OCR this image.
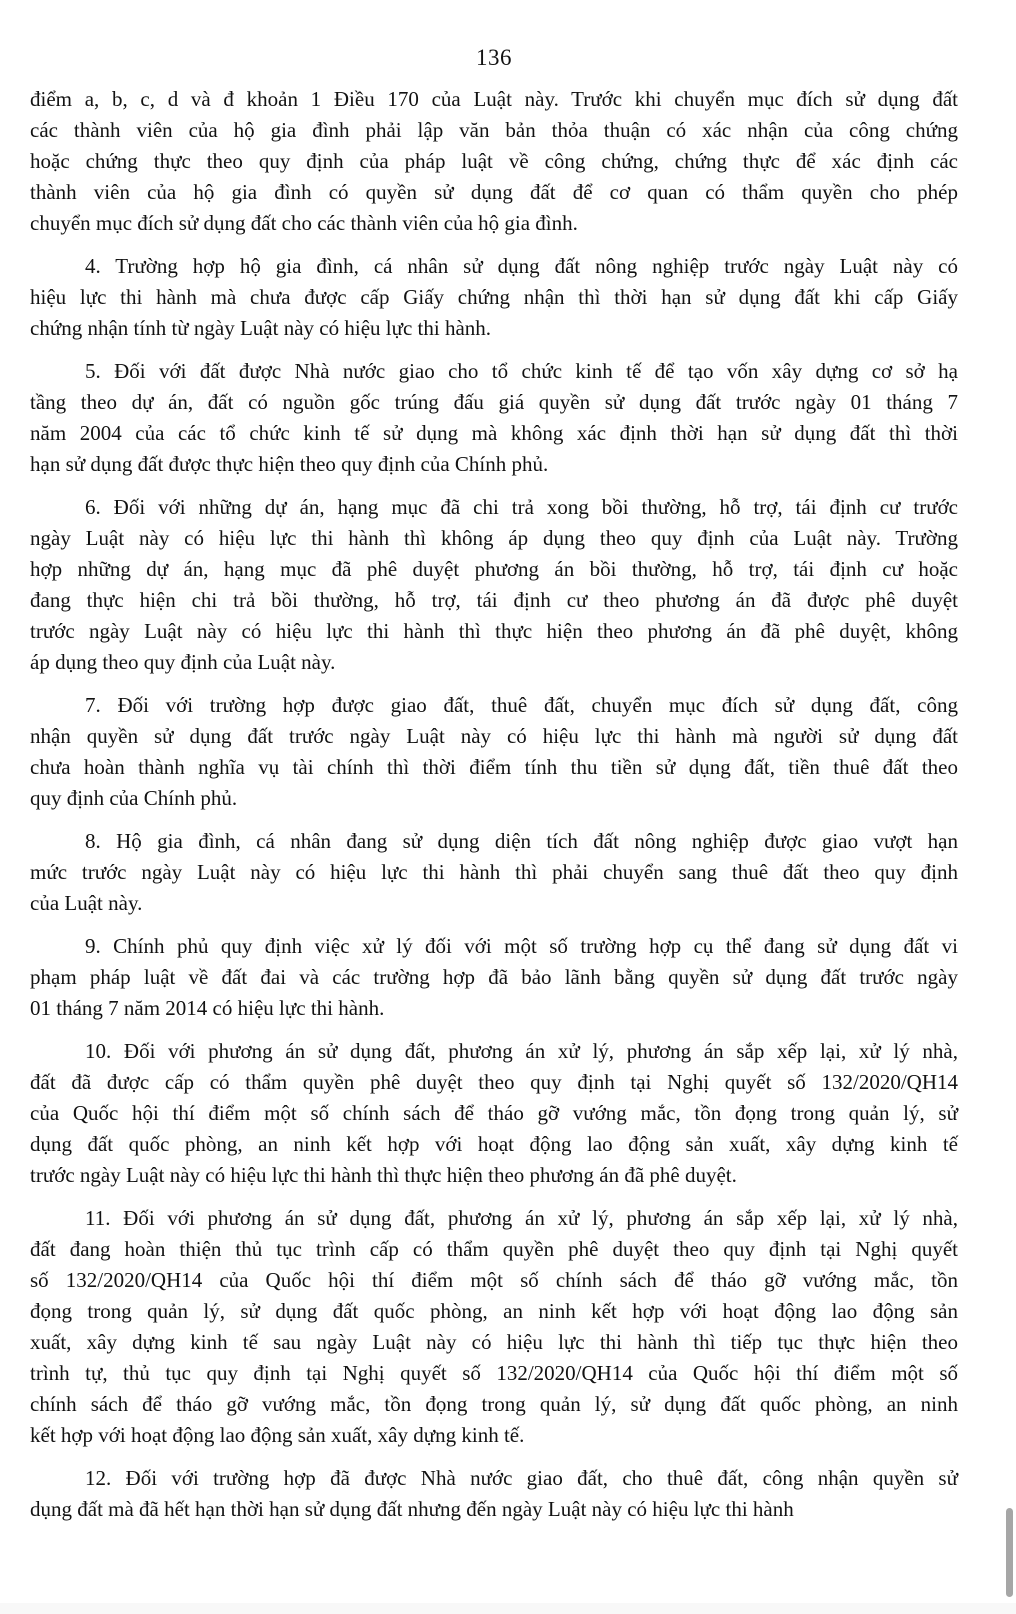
136
điểm a, b, c, d và đ khoản 1 Điều 170 của Luật này. Trước khi chuyển mục đích sử dụng đất
các thành viên của hộ gia đình phải lập văn bản thỏa thuận có xác nhận của công chứng
hoặc chứng thực theo quy định của pháp luật về công chứng, chứng thực để xác định các
thành viên của hộ gia đình có quyền sử dụng đất để cơ quan có thẩm quyền cho phép
chuyển mục đích sử dụng đất cho các thành viên của hộ gia đình.
4. Trường hợp hộ gia đình, cá nhân sử dụng đất nông nghiệp trước ngày Luật này có
hiệu lực thi hành mà chưa được cấp Giấy chứng nhận thì thời hạn sử dụng đất khi cấp Giấy
chứng nhận tính từ ngày Luật này có hiệu lực thi hành.
5. Đối với đất được Nhà nước giao cho tổ chức kinh tế để tạo vốn xây dựng cơ sở hạ
tầng theo dự án, đất có nguồn gốc trúng đấu giá quyền sử dụng đất trước ngày 01 tháng 7
năm 2004 của các tổ chức kinh tế sử dụng mà không xác định thời hạn sử dụng đất thì thời
hạn sử dụng đất được thực hiện theo quy định của Chính phủ.
6. Đối với những dự án, hạng mục đã chi trả xong bồi thường, hỗ trợ, tái định cư trước
ngày Luật này có hiệu lực thi hành thì không áp dụng theo quy định của Luật này. Trường
hợp những dự án, hạng mục đã phê duyệt phương án bồi thường, hỗ trợ, tái định cư hoặc
đang thực hiện chi trả bồi thường, hỗ trợ, tái định cư theo phương án đã được phê duyệt
trước ngày Luật này có hiệu lực thi hành thì thực hiện theo phương án đã phê duyệt, không
áp dụng theo quy định của Luật này.
7. Đối với trường hợp được giao đất, thuê đất, chuyển mục đích sử dụng đất, công
nhận quyền sử dụng đất trước ngày Luật này có hiệu lực thi hành mà người sử dụng đất
chưa hoàn thành nghĩa vụ tài chính thì thời điểm tính thu tiền sử dụng đất, tiền thuê đất theo
quy định của Chính phủ.
8. Hộ gia đình, cá nhân đang sử dụng diện tích đất nông nghiệp được giao vượt hạn
mức trước ngày Luật này có hiệu lực thi hành thì phải chuyển sang thuê đất theo quy định
của Luật này.
9. Chính phủ quy định việc xử lý đối với một số trường hợp cụ thể đang sử dụng đất vi
phạm pháp luật về đất đai và các trường hợp đã bảo lãnh bằng quyền sử dụng đất trước ngày
01 tháng 7 năm 2014 có hiệu lực thi hành.
10. Đối với phương án sử dụng đất, phương án xử lý, phương án sắp xếp lại, xử lý nhà,
đất đã được cấp có thẩm quyền phê duyệt theo quy định tại Nghị quyết số 132/2020/QH14
của Quốc hội thí điểm một số chính sách để tháo gỡ vướng mắc, tồn đọng trong quản lý, sử
dụng đất quốc phòng, an ninh kết hợp với hoạt động lao động sản xuất, xây dựng kinh tế
trước ngày Luật này có hiệu lực thi hành thì thực hiện theo phương án đã phê duyệt.
11. Đối với phương án sử dụng đất, phương án xử lý, phương án sắp xếp lại, xử lý nhà,
đất đang hoàn thiện thủ tục trình cấp có thẩm quyền phê duyệt theo quy định tại Nghị quyết
số 132/2020/QH14 của Quốc hội thí điểm một số chính sách để tháo gỡ vướng mắc, tồn
đọng trong quản lý, sử dụng đất quốc phòng, an ninh kết hợp với hoạt động lao động sản
xuất, xây dựng kinh tế sau ngày Luật này có hiệu lực thi hành thì tiếp tục thực hiện theo
trình tự, thủ tục quy định tại Nghị quyết số 132/2020/QH14 của Quốc hội thí điểm một số
chính sách để tháo gỡ vướng mắc, tồn đọng trong quản lý, sử dụng đất quốc phòng, an ninh
kết hợp với hoạt động lao động sản xuất, xây dựng kinh tế.
12. Đối với trường hợp đã được Nhà nước giao đất, cho thuê đất, công nhận quyền sử
dụng đất mà đã hết hạn thời hạn sử dụng đất nhưng đến ngày Luật này có hiệu lực thi hành
